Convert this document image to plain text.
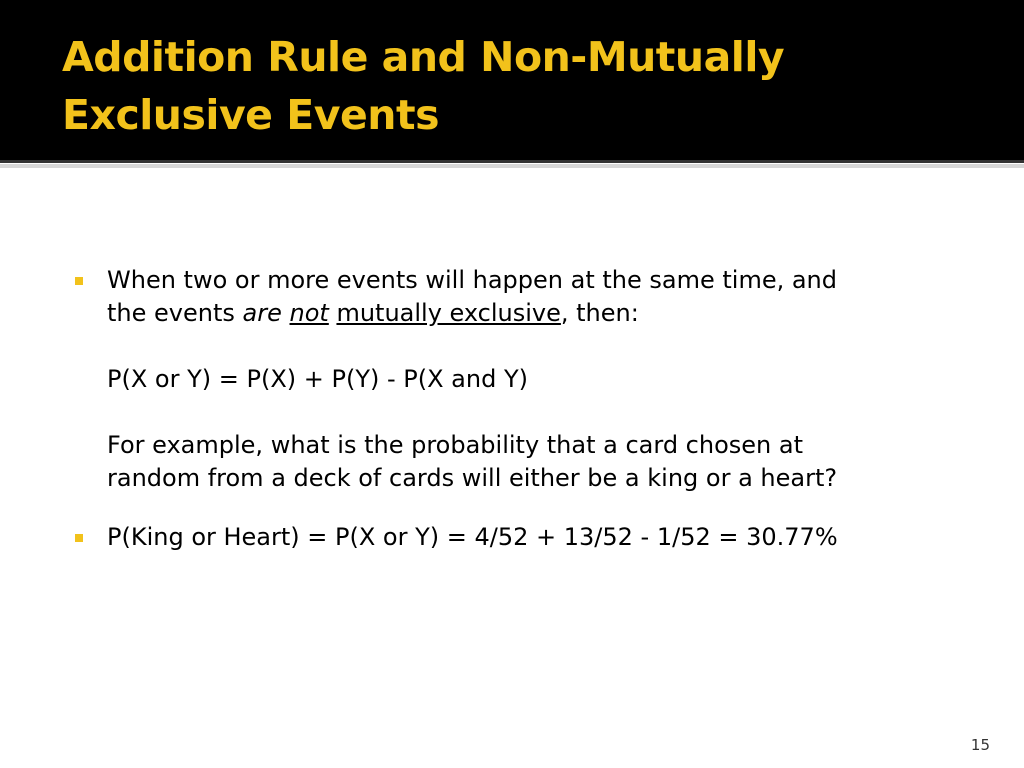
Addition Rule and Non-Mutually
Exclusive Events
When two or more events will happen at the same time, and
the events are not mutually exclusive, then:
P(X or Y) = P(X) + P(Y) - P(X and Y)
For example, what is the probability that a card chosen at
random from a deck of cards will either be a king or a heart?
P(King or Heart) = P(X or Y) = 4/52 + 13/52 - 1/52 = 30.77%
15
